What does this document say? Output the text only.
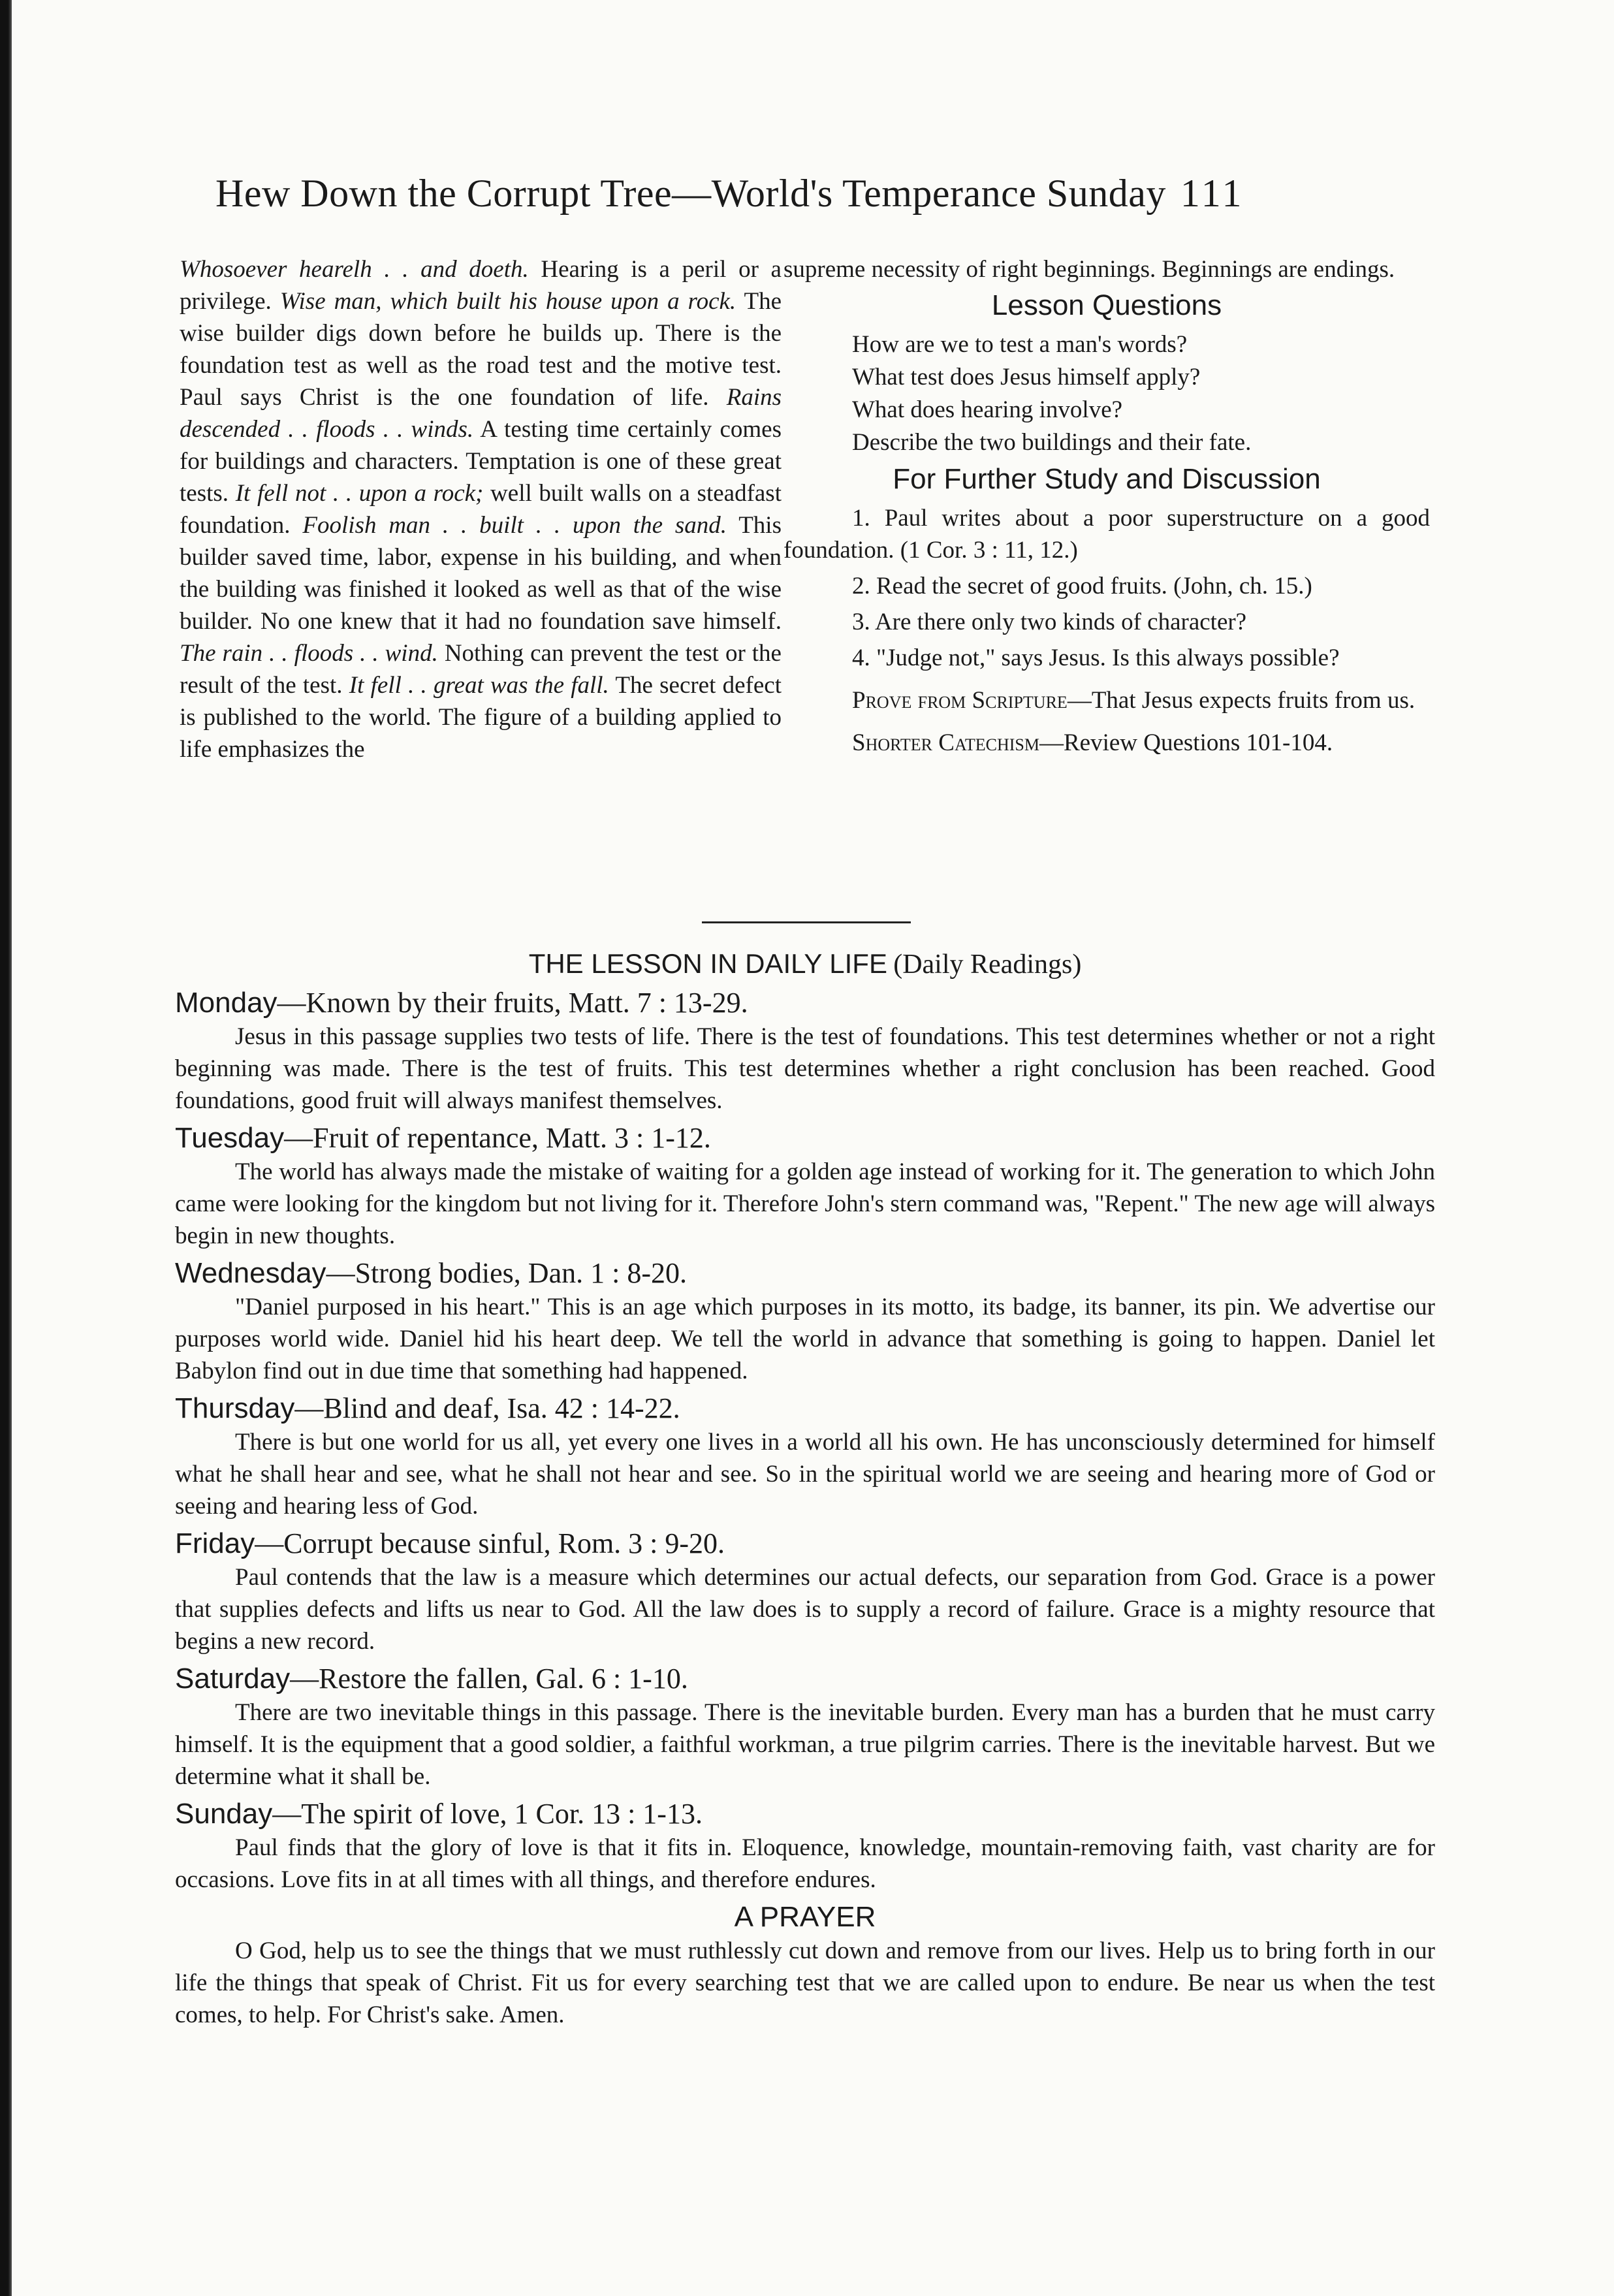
Hew Down the Corrupt Tree—World's Temperance Sunday 111

Whosoever hearelh . . and doeth. Hearing is a peril or a privilege. Wise man, which built his house upon a rock. The wise builder digs down before he builds up. There is the foundation test as well as the road test and the motive test. Paul says Christ is the one foundation of life. Rains descended . . floods . . winds. A testing time certainly comes for buildings and characters. Temptation is one of these great tests. It fell not . . upon a rock; well built walls on a steadfast foundation. Foolish man . . built . . upon the sand. This builder saved time, labor, expense in his building, and when the building was finished it looked as well as that of the wise builder. No one knew that it had no foundation save himself. The rain . . floods . . wind. Nothing can prevent the test or the result of the test. It fell . . great was the fall. The secret defect is published to the world. The figure of a building applied to life emphasizes the

supreme necessity of right beginnings. Beginnings are endings.

Lesson Questions
How are we to test a man's words?
What test does Jesus himself apply?
What does hearing involve?
Describe the two buildings and their fate.
For Further Study and Discussion

1. Paul writes about a poor superstructure on a good foundation. (1 Cor. 3 : 11, 12.)

2. Read the secret of good fruits. (John, ch. 15.)

3. Are there only two kinds of character?

4. "Judge not," says Jesus. Is this always possible?

Prove from Scripture—That Jesus expects fruits from us.

Shorter Catechism—Review Questions 101-104.

THE LESSON IN DAILY LIFE (Daily Readings)
Monday—Known by their fruits, Matt. 7 : 13-29.

Jesus in this passage supplies two tests of life. There is the test of foundations. This test determines whether or not a right beginning was made. There is the test of fruits. This test determines whether a right conclusion has been reached. Good foundations, good fruit will always manifest themselves.

Tuesday—Fruit of repentance, Matt. 3 : 1-12.

The world has always made the mistake of waiting for a golden age instead of working for it. The generation to which John came were looking for the kingdom but not living for it. Therefore John's stern command was, "Repent." The new age will always begin in new thoughts.

Wednesday—Strong bodies, Dan. 1 : 8-20.

"Daniel purposed in his heart." This is an age which purposes in its motto, its badge, its banner, its pin. We advertise our purposes world wide. Daniel hid his heart deep. We tell the world in advance that something is going to happen. Daniel let Babylon find out in due time that something had happened.

Thursday—Blind and deaf, Isa. 42 : 14-22.

There is but one world for us all, yet every one lives in a world all his own. He has unconsciously determined for himself what he shall hear and see, what he shall not hear and see. So in the spiritual world we are seeing and hearing more of God or seeing and hearing less of God.

Friday—Corrupt because sinful, Rom. 3 : 9-20.

Paul contends that the law is a measure which determines our actual defects, our separation from God. Grace is a power that supplies defects and lifts us near to God. All the law does is to supply a record of failure. Grace is a mighty resource that begins a new record.

Saturday—Restore the fallen, Gal. 6 : 1-10.

There are two inevitable things in this passage. There is the inevitable burden. Every man has a burden that he must carry himself. It is the equipment that a good soldier, a faithful workman, a true pilgrim carries. There is the inevitable harvest. But we determine what it shall be.

Sunday—The spirit of love, 1 Cor. 13 : 1-13.

Paul finds that the glory of love is that it fits in. Eloquence, knowledge, mountain-removing faith, vast charity are for occasions. Love fits in at all times with all things, and therefore endures.

A PRAYER

O God, help us to see the things that we must ruthlessly cut down and remove from our lives. Help us to bring forth in our life the things that speak of Christ. Fit us for every searching test that we are called upon to endure. Be near us when the test comes, to help. For Christ's sake. Amen.
